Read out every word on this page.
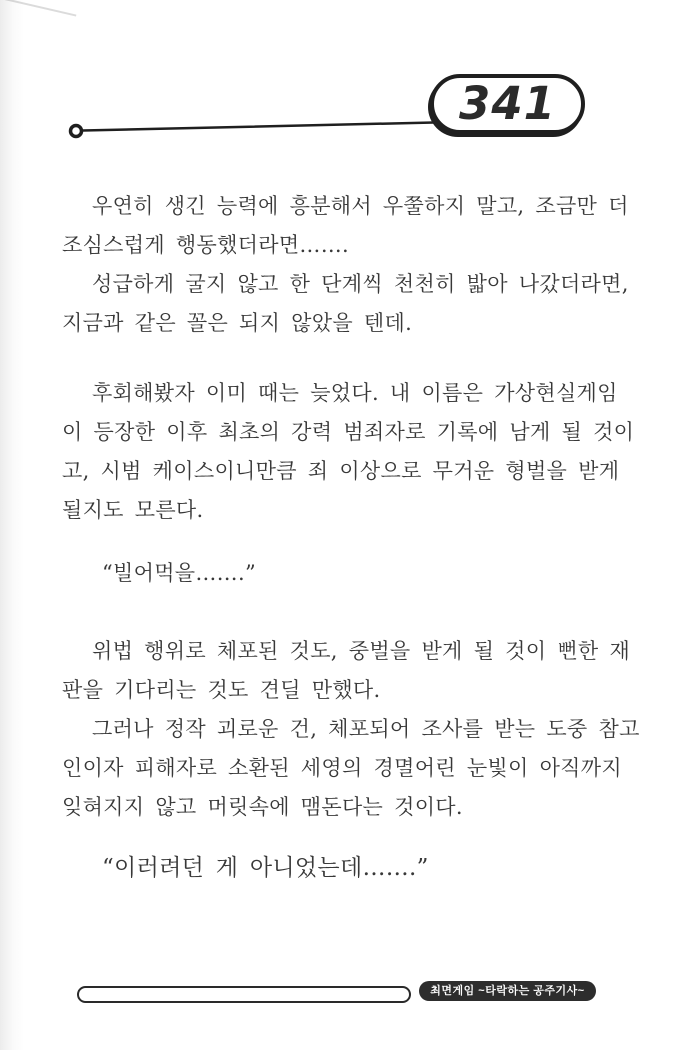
341
우연히 생긴 능력에 흥분해서 우쭐하지 말고, 조금만 더
조심스럽게 행동했더라면…….
성급하게 굴지 않고 한 단계씩 천천히 밟아 나갔더라면,
지금과 같은 꼴은 되지 않았을 텐데.
후회해봤자 이미 때는 늦었다. 내 이름은 가상현실게임
이 등장한 이후 최초의 강력 범죄자로 기록에 남게 될 것이
고, 시범 케이스이니만큼 죄 이상으로 무거운 형벌을 받게
될지도 모른다.
“빌어먹을…….”
위법 행위로 체포된 것도, 중벌을 받게 될 것이 뻔한 재
판을 기다리는 것도 견딜 만했다.
그러나 정작 괴로운 건, 체포되어 조사를 받는 도중 참고
인이자 피해자로 소환된 세영의 경멸어린 눈빛이 아직까지
잊혀지지 않고 머릿속에 맴돈다는 것이다.
“이러려던 게 아니었는데…….”
최면게임 ~타락하는 공주기사~
